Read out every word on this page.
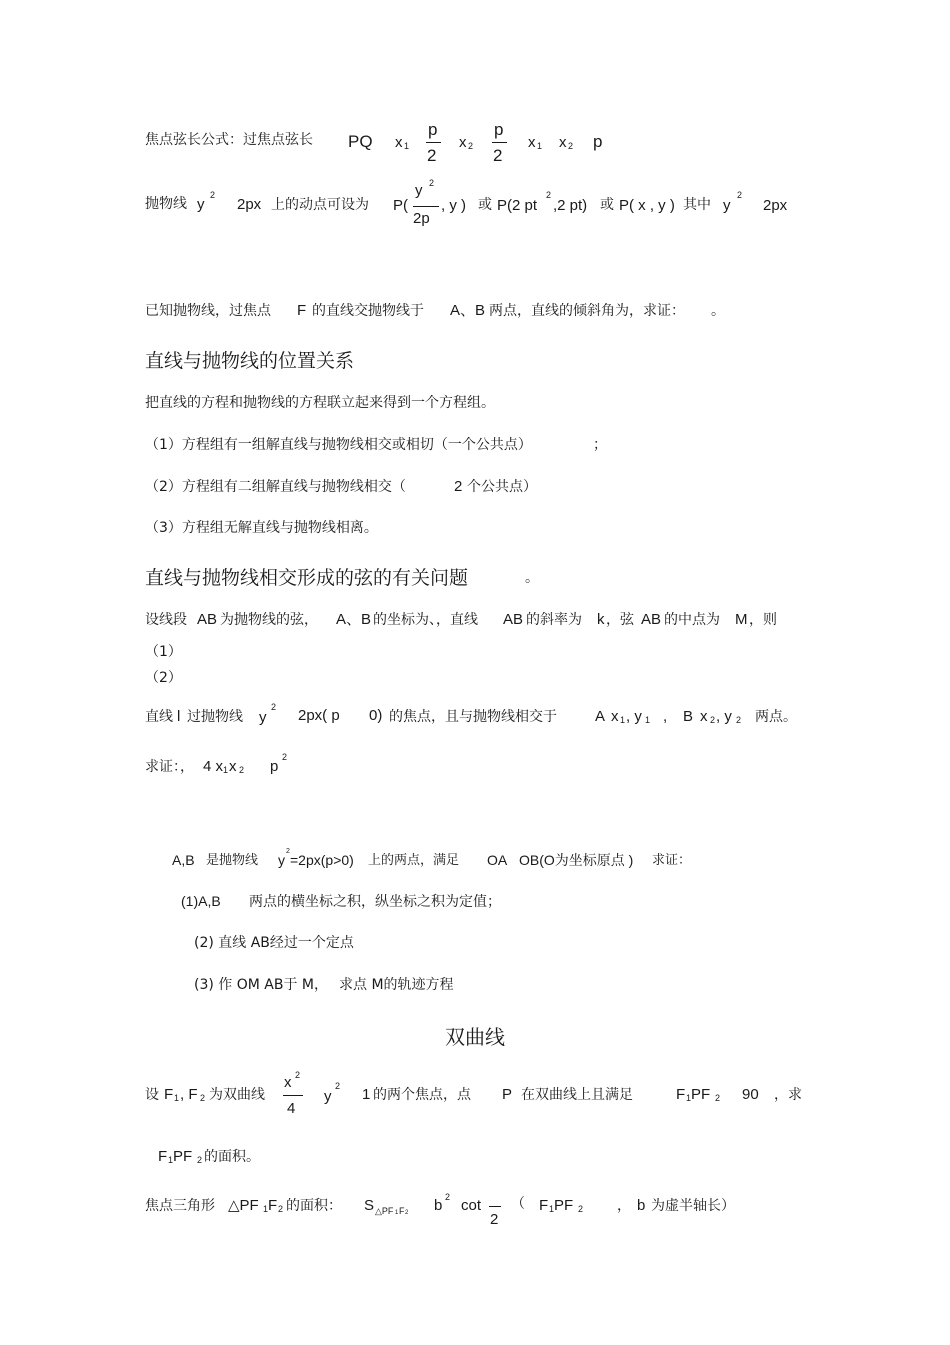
焦点弦长公式：过焦点弦长 PQ x 1
p
2
x 2
p
2
x 1 x 2 p
抛物线 y
2
2px 上的动点可设为 P(
y 2
2p
, y ) 或 P(2 pt
2
,2 pt) 或 P( x , y ) 其中 y
2
2px
已知抛物线，过焦点 F 的直线交抛物线于 A、B 两点，直线的倾斜角为，求证： 。
直线与抛物线的位置关系
把直线的方程和抛物线的方程联立起来得到一个方程组。
（1）方程组有一组解直线与抛物线相交或相切（一个公共点）	；
（2）方程组有二组解直线与抛物线相交（	2 个公共点）
（3）方程组无解直线与抛物线相离。
直线与抛物线相交形成的弦的有关问题	。
设线段 AB 为抛物线的弦， A、B 的坐标为、，直线 AB 的斜率为 k ，弦 AB 的中点为 M ，则
（1）
（2）
直线 l 过抛物线 y
2 2px( p 0) 的焦点，且与抛物线相交于	A x 1 , y 1 , B x 2 , y 2 两点。
求证：， 4 x 1 x 2 p
2
A,B 是抛物线 y
2
=2px(p>0) 上的两点，满足 OA OB(O为坐标原点 ) 求证：
(1)A,B 两点的横坐标之积，纵坐标之积为定值；
(2) 直线 AB经过一个定点
(3) 作 OM AB于 M， 求点 M的轨迹方程
双曲线
设 F 1 , F 2 为双曲线
x 2
4
y
2 1 的两个焦点，点 P 在双曲线上且满足	F 1 PF 2 90 ，求
F 1 PF 2 的面积。
焦点三角形 △PF 1 F 2 的面积： S △PF 1 F 2 b 2 cot
2
（ F 1 PF 2 ， b 为虚半轴长）
